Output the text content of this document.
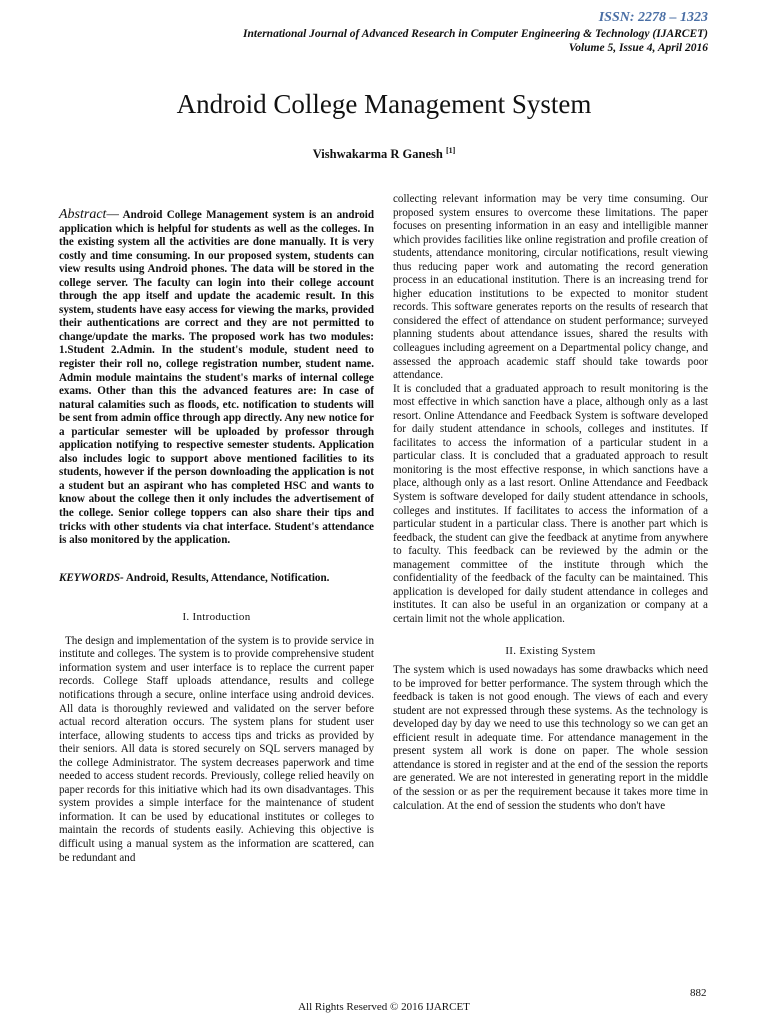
ISSN: 2278 – 1323
International Journal of Advanced Research in Computer Engineering & Technology (IJARCET)
Volume 5, Issue 4, April 2016
Android College Management System
Vishwakarma R Ganesh [1]

Abstract— Android College Management system is an android application which is helpful for students as well as the colleges. In the existing system all the activities are done manually. It is very costly and time consuming. In our proposed system, students can view results using Android phones. The data will be stored in the college server. The faculty can login into their college account through the app itself and update the academic result. In this system, students have easy access for viewing the marks, provided their authentications are correct and they are not permitted to change/update the marks. The proposed work has two modules: 1.Student 2.Admin. In the student's module, student need to register their roll no, college registration number, student name. Admin module maintains the student's marks of internal college exams. Other than this the advanced features are: In case of natural calamities such as floods, etc. notification to students will be sent from admin office through app directly. Any new notice for a particular semester will be uploaded by professor through application notifying to respective semester students. Application also includes logic to support above mentioned facilities to its students, however if the person downloading the application is not a student but an aspirant who has completed HSC and wants to know about the college then it only includes the advertisement of the college. Senior college toppers can also share their tips and tricks with other students via chat interface. Student's attendance is also monitored by the application.

KEYWORDS- Android, Results, Attendance, Notification.

I. Introduction

The design and implementation of the system is to provide service in institute and colleges. The system is to provide comprehensive student information system and user interface is to replace the current paper records. College Staff uploads attendance, results and college notifications through a secure, online interface using android devices. All data is thoroughly reviewed and validated on the server before actual record alteration occurs. The system plans for student user interface, allowing students to access tips and tricks as provided by their seniors. All data is stored securely on SQL servers managed by the college Administrator. The system decreases paperwork and time needed to access student records. Previously, college relied heavily on paper records for this initiative which had its own disadvantages. This system provides a simple interface for the maintenance of student information. It can be used by educational institutes or colleges to maintain the records of students easily. Achieving this objective is difficult using a manual system as the information are scattered, can be redundant and

collecting relevant information may be very time consuming. Our proposed system ensures to overcome these limitations. The paper focuses on presenting information in an easy and intelligible manner which provides facilities like online registration and profile creation of students, attendance monitoring, circular notifications, result viewing thus reducing paper work and automating the record generation process in an educational institution. There is an increasing trend for higher education institutions to be expected to monitor student records. This software generates reports on the results of research that considered the effect of attendance on student performance; surveyed planning students about attendance issues, shared the results with colleagues including agreement on a Departmental policy change, and assessed the approach academic staff should take towards poor attendance.

It is concluded that a graduated approach to result monitoring is the most effective in which sanction have a place, although only as a last resort. Online Attendance and Feedback System is software developed for daily student attendance in schools, colleges and institutes. If facilitates to access the information of a particular student in a particular class. It is concluded that a graduated approach to result monitoring is the most effective response, in which sanctions have a place, although only as a last resort. Online Attendance and Feedback System is software developed for daily student attendance in schools, colleges and institutes. If facilitates to access the information of a particular student in a particular class. There is another part which is feedback, the student can give the feedback at anytime from anywhere to faculty. This feedback can be reviewed by the admin or the management committee of the institute through which the confidentiality of the feedback of the faculty can be maintained. This application is developed for daily student attendance in colleges and institutes. It can also be useful in an organization or company at a certain limit not the whole application.

II. Existing System

The system which is used nowadays has some drawbacks which need to be improved for better performance. The system through which the feedback is taken is not good enough. The views of each and every student are not expressed through these systems. As the technology is developed day by day we need to use this technology so we can get an efficient result in adequate time. For attendance management in the present system all work is done on paper. The whole session attendance is stored in register and at the end of the session the reports are generated. We are not interested in generating report in the middle of the session or as per the requirement because it takes more time in calculation. At the end of session the students who don't have

882
All Rights Reserved © 2016 IJARCET
